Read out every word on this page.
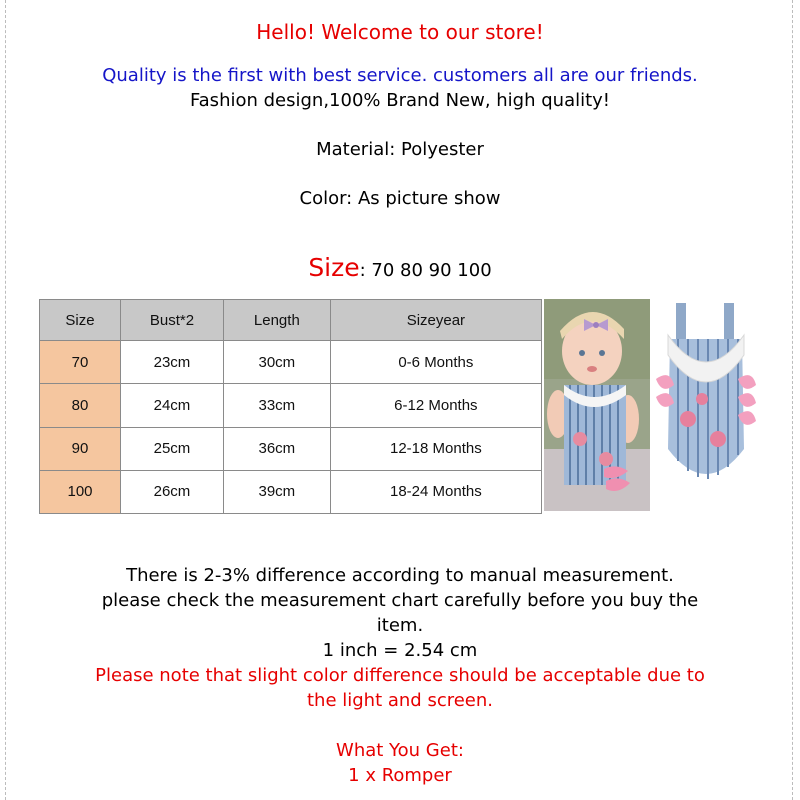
Hello! Welcome to our store!
Quality is the first with best service. customers all are our friends.
Fashion design,100% Brand New, high quality!
Material: Polyester
Color: As picture show
Size: 70 80 90 100
Size	Bust*2	Length	Sizeyear
70	23cm	30cm	0-6 Months
80	24cm	33cm	6-12 Months
90	25cm	36cm	12-18 Months
100	26cm	39cm	18-24 Months
There is 2-3% difference according to manual measurement.
please check the measurement chart carefully before you buy the
item.
1 inch = 2.54 cm
Please note that slight color difference should be acceptable due to
the light and screen.
What You Get:
1 x Romper
